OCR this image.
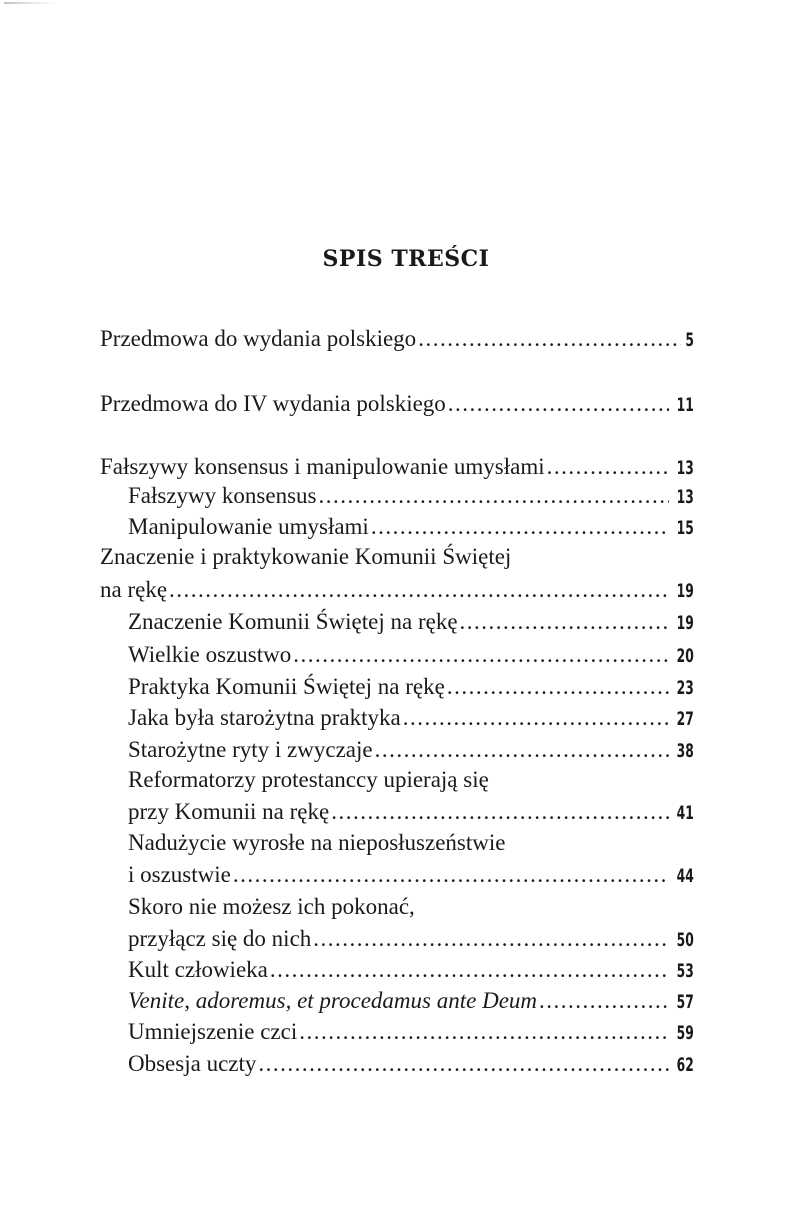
SPIS TREŚCI
Przedmowa do wydania polskiego .....	5
Przedmowa do IV wydania polskiego .....	11
Fałszywy konsensus i manipulowanie umysłami .....	13
Fałszywy konsensus .....	13
Manipulowanie umysłami .....	15
Znaczenie i praktykowanie Komunii Świętej
na rękę .....	19
Znaczenie Komunii Świętej na rękę .....	19
Wielkie oszustwo .....	20
Praktyka Komunii Świętej na rękę .....	23
Jaka była starożytna praktyka .....	27
Starożytne ryty i zwyczaje .....	38
Reformatorzy protestanccy upierają się
przy Komunii na rękę .....	41
Nadużycie wyrosłe na nieposłuszeństwie
i oszustwie .....	44
Skoro nie możesz ich pokonać,
przyłącz się do nich .....	50
Kult człowieka .....	53
Venite, adoremus, et procedamus ante Deum .....	57
Umniejszenie czci .....	59
Obsesja uczty .....	62
